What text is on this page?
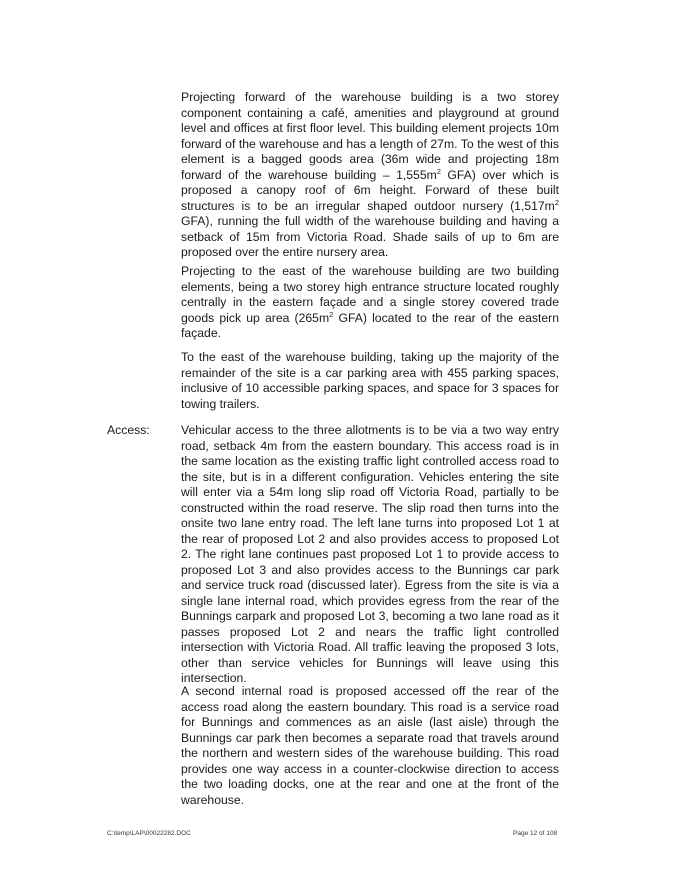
Projecting forward of the warehouse building is a two storey component containing a café, amenities and playground at ground level and offices at first floor level. This building element projects 10m forward of the warehouse and has a length of 27m. To the west of this element is a bagged goods area (36m wide and projecting 18m forward of the warehouse building – $1,555m^2$ GFA) over which is proposed a canopy roof of 6m height. Forward of these built structures is to be an irregular shaped outdoor nursery ($1,517m^2$ GFA), running the full width of the warehouse building and having a setback of 15m from Victoria Road. Shade sails of up to 6m are proposed over the entire nursery area.

Projecting to the east of the warehouse building are two building elements, being a two storey high entrance structure located roughly centrally in the eastern façade and a single storey covered trade goods pick up area ($265m^2$ GFA) located to the rear of the eastern façade.

To the east of the warehouse building, taking up the majority of the remainder of the site is a car parking area with 455 parking spaces, inclusive of 10 accessible parking spaces, and space for 3 spaces for towing trailers.

Access:	Vehicular access to the three allotments is to be via a two way entry road, setback 4m from the eastern boundary. This access road is in the same location as the existing traffic light controlled access road to the site, but is in a different configuration. Vehicles entering the site will enter via a 54m long slip road off Victoria Road, partially to be constructed within the road reserve. The slip road then turns into the onsite two lane entry road. The left lane turns into proposed Lot 1 at the rear of proposed Lot 2 and also provides access to proposed Lot 2. The right lane continues past proposed Lot 1 to provide access to proposed Lot 3 and also provides access to the Bunnings car park and service truck road (discussed later). Egress from the site is via a single lane internal road, which provides egress from the rear of the Bunnings carpark and proposed Lot 3, becoming a two lane road as it passes proposed Lot 2 and nears the traffic light controlled intersection with Victoria Road. All traffic leaving the proposed 3 lots, other than service vehicles for Bunnings will leave using this intersection.

A second internal road is proposed accessed off the rear of the access road along the eastern boundary. This road is a service road for Bunnings and commences as an aisle (last aisle) through the Bunnings car park then becomes a separate road that travels around the northern and western sides of the warehouse building. This road provides one way access in a counter-clockwise direction to access the two loading docks, one at the rear and one at the front of the warehouse.

C:\temp\LAP\00022282.DOC	Page 12 of 108
